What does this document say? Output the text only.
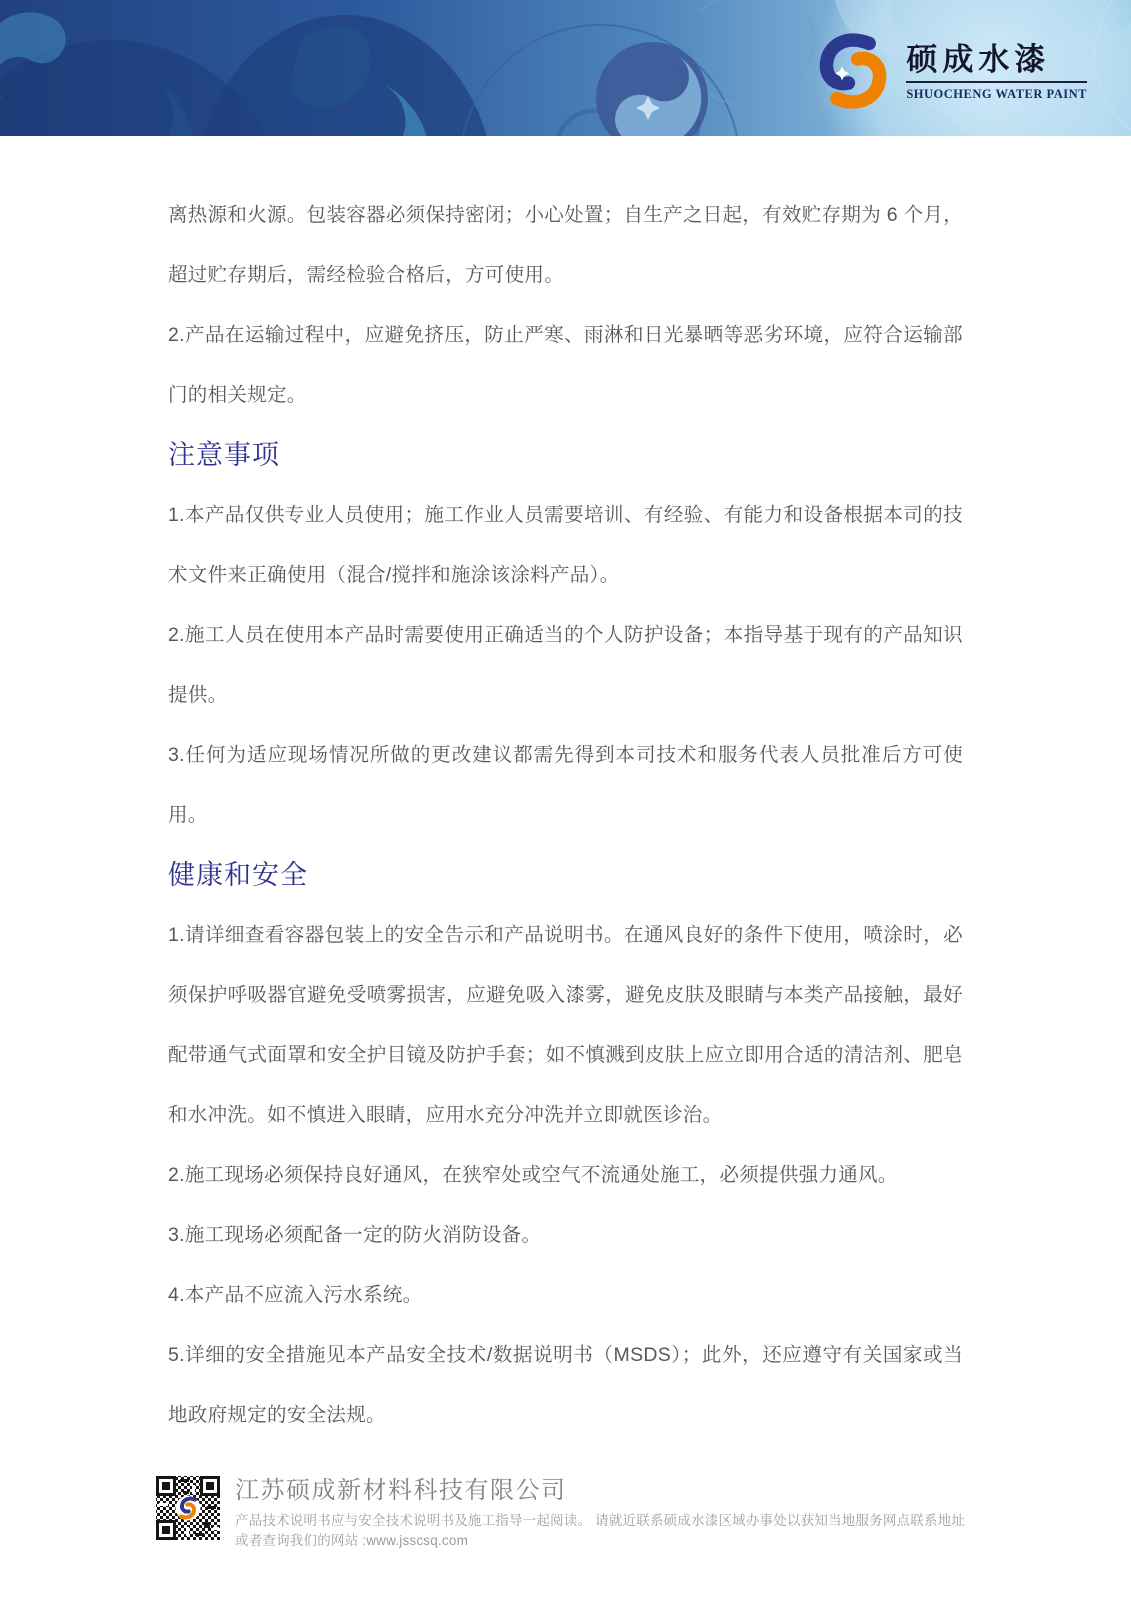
硕成水漆
SHUOCHENG WATER PAINT

离热源和火源。包装容器必须保持密闭；小心处置；自生产之日起，有效贮存期为 6 个月，超过贮存期后，需经检验合格后，方可使用。

2.产品在运输过程中，应避免挤压，防止严寒、雨淋和日光暴晒等恶劣环境，应符合运输部门的相关规定。

注意事项

1.本产品仅供专业人员使用；施工作业人员需要培训、有经验、有能力和设备根据本司的技术文件来正确使用（混合/搅拌和施涂该涂料产品）。

2.施工人员在使用本产品时需要使用正确适当的个人防护设备；本指导基于现有的产品知识提供。

3.任何为适应现场情况所做的更改建议都需先得到本司技术和服务代表人员批准后方可使用。

健康和安全

1.请详细查看容器包装上的安全告示和产品说明书。在通风良好的条件下使用，喷涂时，必须保护呼吸器官避免受喷雾损害，应避免吸入漆雾，避免皮肤及眼睛与本类产品接触，最好配带通气式面罩和安全护目镜及防护手套；如不慎溅到皮肤上应立即用合适的清洁剂、肥皂和水冲洗。如不慎进入眼睛，应用水充分冲洗并立即就医诊治。

2.施工现场必须保持良好通风，在狭窄处或空气不流通处施工，必须提供强力通风。

3.施工现场必须配备一定的防火消防设备。

4.本产品不应流入污水系统。

5.详细的安全措施见本产品安全技术/数据说明书（MSDS）；此外，还应遵守有关国家或当地政府规定的安全法规。

江苏硕成新材料科技有限公司
产品技术说明书应与安全技术说明书及施工指导一起阅读。 请就近联系硕成水漆区域办事处以获知当地服务网点联系地址
或者查询我们的网站 :www.jsscsq.com
